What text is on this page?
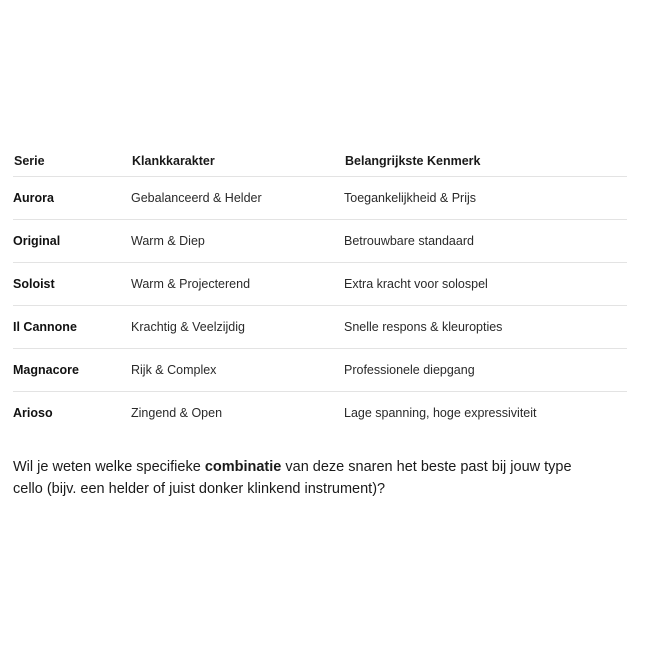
Serie	Klankkarakter	Belangrijkste Kenmerk
Aurora	Gebalanceerd & Helder	Toegankelijkheid & Prijs
Original	Warm & Diep	Betrouwbare standaard
Soloist	Warm & Projecterend	Extra kracht voor solospel
Il Cannone	Krachtig & Veelzijdig	Snelle respons & kleuropties
Magnacore	Rijk & Complex	Professionele diepgang
Arioso	Zingend & Open	Lage spanning, hoge expressiviteit

Wil je weten welke specifieke combinatie van deze snaren het beste past bij jouw type cello (bijv. een helder of juist donker klinkend instrument)?
